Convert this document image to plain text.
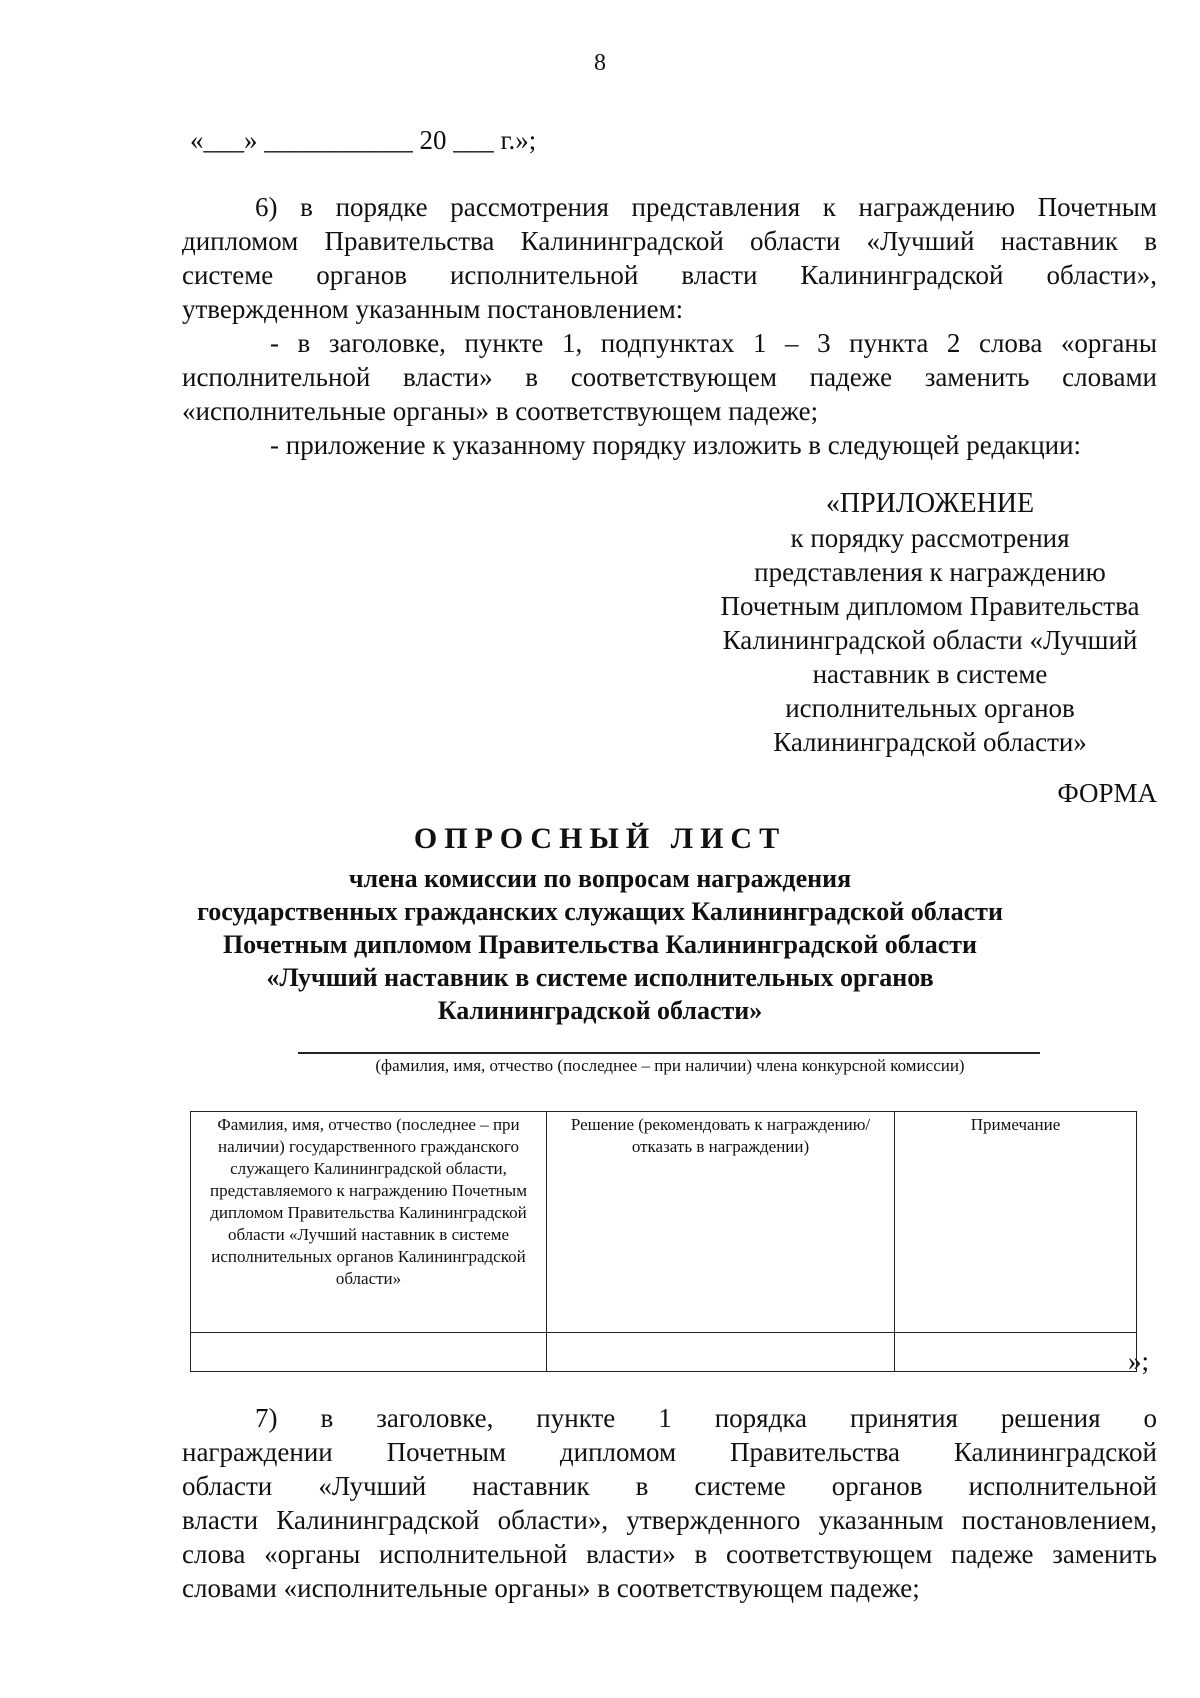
8
«___» ___________ 20 ___ г.»;

6) в порядке рассмотрения представления к награждению Почетным

дипломом Правительства Калининградской области «Лучший наставник в

системе органов исполнительной власти Калининградской области»,

утвержденном указанным постановлением:

- в заголовке, пункте 1, подпунктах 1 – 3 пункта 2 слова «органы

исполнительной власти» в соответствующем падеже заменить словами

«исполнительные органы» в соответствующем падеже;

- приложение к указанному порядку изложить в следующей редакции:

«ПРИЛОЖЕНИЕ
к порядку рассмотрения
представления к награждению
Почетным дипломом Правительства
Калининградской области «Лучший
наставник в системе
исполнительных органов
Калининградской области»
ФОРМА
ОПРОСНЫЙ ЛИСТ
члена комиссии по вопросам награждения
государственных гражданских служащих Калининградской области
Почетным дипломом Правительства Калининградской области
«Лучший наставник в системе исполнительных органов
Калининградской области»
(фамилия, имя, отчество (последнее – при наличии) члена конкурсной комиссии)
Фамилия, имя, отчество (последнее – при наличии) государственного гражданского служащего Калининградской области, представляемого к награждению Почетным дипломом Правительства Калининградской области «Лучший наставник в системе исполнительных органов Калининградской области»	Решение (рекомендовать к награждению/ отказать в награждении)	Примечание

»;

7) в заголовке, пункте 1 порядка принятия решения о

награждении Почетным дипломом Правительства Калининградской

области «Лучший наставник в системе органов исполнительной

власти Калининградской области», утвержденного указанным постановлением,

слова «органы исполнительной власти» в соответствующем падеже заменить

словами «исполнительные органы» в соответствующем падеже;
